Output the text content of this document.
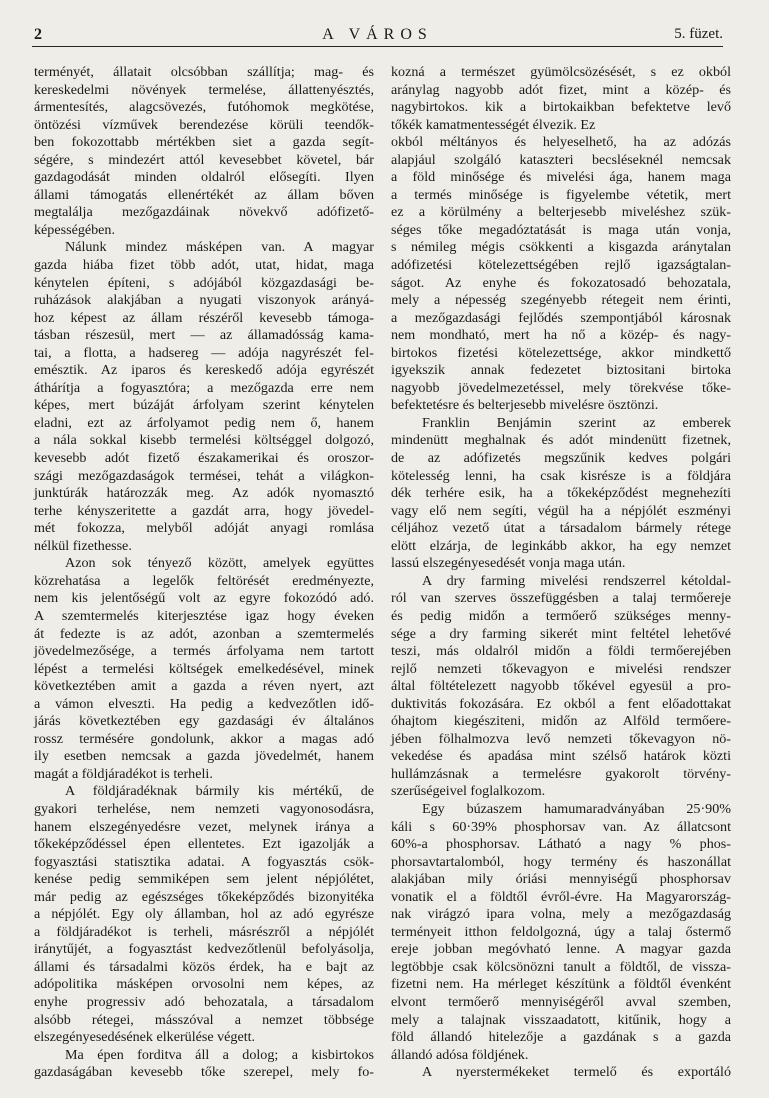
2	A VÁROS	5. füzet.
terményét, állatait olcsóbban szállítja; mag- és
kereskedelmi növények termelése, állattenyésztés,
ármentesítés, alagcsövezés, futóhomok megkötése,
öntözési vízművek berendezése körüli teendők-
ben fokozottabb mértékben siet a gazda segít-
ségére, s mindezért attól kevesebbet követel, bár
gazdagodását minden oldalról elősegíti. Ilyen
állami támogatás ellenértékét az állam bőven
megtalálja mezőgazdáinak növekvő adófizető-
képességében.
Nálunk mindez másképen van. A magyar
gazda hiába fizet több adót, utat, hidat, maga
kénytelen építeni, s adójából közgazdasági be-
ruházások alakjában a nyugati viszonyok arányá-
hoz képest az állam részéről kevesebb támoga-
tásban részesül, mert — az államadósság kama-
tai, a flotta, a hadsereg — adója nagyrészét fel-
emésztik. Az iparos és kereskedő adója egyrészét
áthárítja a fogyasztóra; a mezőgazda erre nem
képes, mert búzáját árfolyam szerint kénytelen
eladni, ezt az árfolyamot pedig nem ő, hanem
a nála sokkal kisebb termelési költséggel dolgozó,
kevesebb adót fizető északamerikai és oroszor-
szági mezőgazdaságok termései, tehát a világkon-
junktúrák határozzák meg. Az adók nyomasztó
terhe kényszeritette a gazdát arra, hogy jövedel-
mét fokozza, melyből adóját anyagi romlása
nélkül fizethesse.
Azon sok tényező között, amelyek együttes
közrehatása a legelők feltörését eredményezte,
nem kis jelentőségű volt az egyre fokozódó adó.
A szemtermelés kiterjesztése igaz hogy éveken
át fedezte is az adót, azonban a szemtermelés
jövedelmezősége, a termés árfolyama nem tartott
lépést a termelési költségek emelkedésével, minek
következtében amit a gazda a réven nyert, azt
a vámon elveszti. Ha pedig a kedvezőtlen idő-
járás következtében egy gazdasági év általános
rossz termésére gondolunk, akkor a magas adó
ily esetben nemcsak a gazda jövedelmét, hanem
magát a földjáradékot is terheli.
A földjáradéknak bármily kis mértékű, de
gyakori terhelése, nem nemzeti vagyonosodásra,
hanem elszegényedésre vezet, melynek iránya a
tőkeképződéssel épen ellentetes. Ezt igazolják a
fogyasztási statisztika adatai. A fogyasztás csök-
kenése pedig semmiképen sem jelent népjólétet,
már pedig az egészséges tőkeképződés bizonyitéka
a népjólét. Egy oly államban, hol az adó egyrésze
a földjáradékot is terheli, másrészről a népjólét
iránytűjét, a fogyasztást kedvezőtlenül befolyásolja,
állami és társadalmi közös érdek, ha e bajt az
adópolitika másképen orvosolni nem képes, az
enyhe progressiv adó behozatala, a társadalom
alsóbb rétegei, másszóval a nemzet többsége
elszegényesedésének elkerülése végett.
Ma épen forditva áll a dolog; a kisbirtokos
gazdaságában kevesebb tőke szerepel, mely fo-
kozná a természet gyümölcsözésését, s ez okból
aránylag nagyobb adót fizet, mint a közép- és
nagybirtokos. kik a birtokaikban befektetve levő
tőkék kamatmentességét élvezik. Ez
okból méltányos és helyeselhető, ha az adózás
alapjául szolgáló kataszteri becsléseknél nemcsak
a föld minősége és mivelési ága, hanem maga
a termés minősége is figyelembe vétetik, mert
ez a körülmény a belterjesebb miveléshez szük-
séges tőke megadóztatását is maga után vonja,
s némileg mégis csökkenti a kisgazda aránytalan
adófizetési kötelezettségében rejlő igazságtalan-
ságot. Az enyhe és fokozatosadó behozatala,
mely a népesség szegényebb rétegeit nem érinti,
a mezőgazdasági fejlődés szempontjából károsnak
nem mondható, mert ha nő a közép- és nagy-
birtokos fizetési kötelezettsége, akkor mindkettő
igyekszik annak fedezetet biztositani birtoka
nagyobb jövedelmezetéssel, mely törekvése tőke-
befektetésre és belterjesebb mivelésre ösztönzi.
Franklin Benjámin szerint az emberek
mindenütt meghalnak és adót mindenütt fizetnek,
de az adófizetés megszűnik kedves polgári
kötelesség lenni, ha csak kisrésze is a földjára
dék terhére esik, ha a tőkeképződést megnehezíti
vagy elő nem segíti, végül ha a népjólét eszményi
céljához vezető útat a társadalom bármely rétege
elött elzárja, de leginkább akkor, ha egy nemzet
lassú elszegényesedését vonja maga után.
A dry farming mivelési rendszerrel kétoldal-
ról van szerves összefüggésben a talaj termőereje
és pedig midőn a termőerő szükséges menny-
sége a dry farming sikerét mint feltétel lehetővé
teszi, más oldalról midőn a földi termőerejében
rejlő nemzeti tőkevagyon e mivelési rendszer
által föltételezett nagyobb tőkével egyesül a pro-
duktivitás fokozására. Ez okból a fent előadottakat
óhajtom kiegésziteni, midőn az Alföld termőere-
jében fölhalmozva levő nemzeti tőkevagyon nö-
vekedése és apadása mint szélső határok közti
hullámzásnak a termelésre gyakorolt törvény-
szerűségeivel foglalkozom.
Egy búzaszem hamumaradványában 25·90%
káli s 60·39% phosphorsav van. Az állatcsont
60%-a phosphorsav. Látható a nagy % phos-
phorsavtartalomból, hogy termény és haszonállat
alakjában mily óriási mennyiségű phosphorsav
vonatik el a földtől évről-évre. Ha Magyarország-
nak virágzó ipara volna, mely a mezőgazdaság
terményeit itthon feldolgozná, úgy a talaj őstermő
ereje jobban megóvható lenne. A magyar gazda
legtöbbje csak kölcsönözni tanult a földtől, de vissza-
fizetni nem. Ha mérleget készítünk a földtől évenként
elvont termőerő mennyiségéről avval szemben,
mely a talajnak visszaadatott, kitűnik, hogy a
föld állandó hitelezője a gazdának s a gazda
állandó adósa földjének.
A nyerstermékeket termelő és exportáló
